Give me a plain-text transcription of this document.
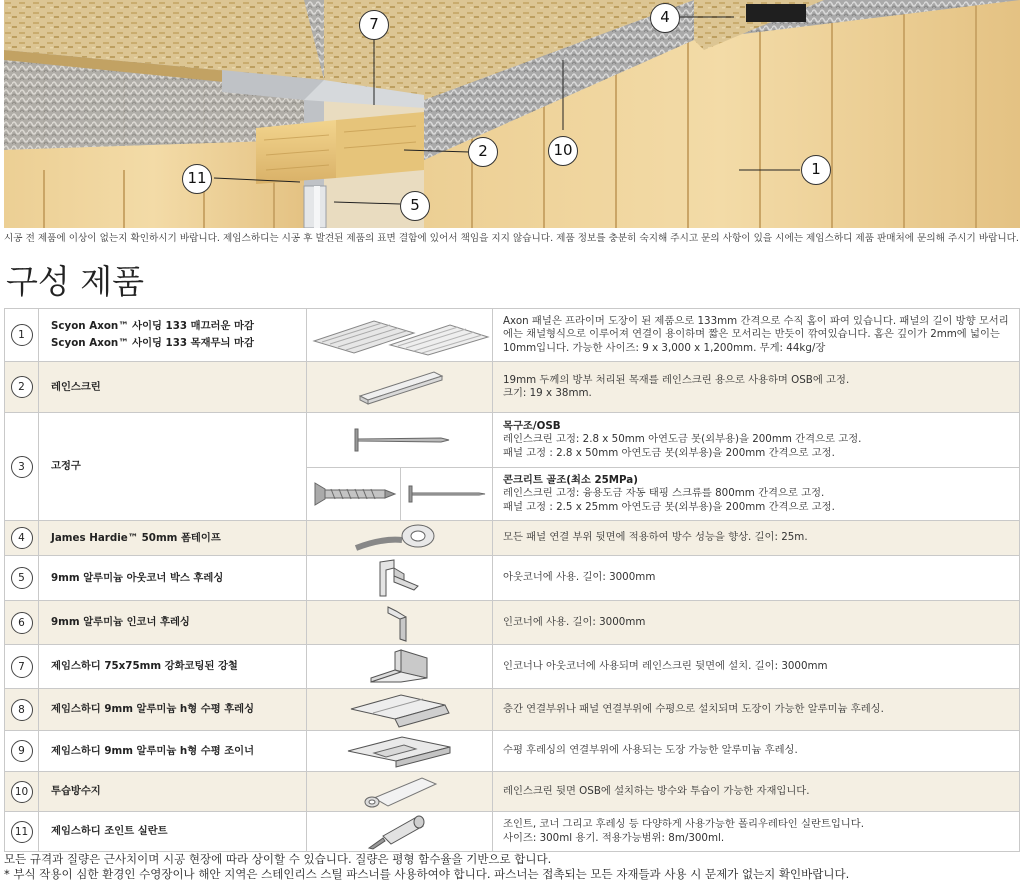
7	4
2	10
1
11
5
시공 전 제품에 이상이 없는지 확인하시기 바랍니다. 제임스하디는 시공 후 발견된 제품의 표면 결함에 있어서 책임을 지지 않습니다. 제품 정보를 충분히 숙지해 주시고 문의 사항이 있을 시에는 제임스하디 제품 판매처에 문의해 주시기 바랍니다.
구성 제품
1	Scyon Axon™ 사이딩 133 매끄러운 마감
Scyon Axon™ 사이딩 133 목재무늬 마감		Axon 패널은 프라이머 도장이 된 제품으로 133mm 간격으로 수직 홈이 파여 있습니다. 패널의 길이 방향 모서리에는 채널형식으로 이루어져 연결이 용이하며 짧은 모서리는 반듯이 깎여있습니다. 홈은 깊이가 2mm에 넓이는 10mm입니다. 가능한 사이즈: 9 x 3,000 x 1,200mm. 무게: 44kg/장

2	레인스크린		19mm 두께의 방부 처리된 목재를 레인스크린 용으로 사용하며 OSB에 고정.
크기: 19 x 38mm.

3	고정구		목구조/OSB
레인스크린 고정: 2.8 x 50mm 아연도금 못(외부용)을 200mm 간격으로 고정.
패널 고정 : 2.8 x 50mm 아연도금 못(외부용)을 200mm 간격으로 고정.

콘크리트 골조(최소 25MPa)
레인스크린 고정: 융용도금 자동 태핑 스크류를 800mm 간격으로 고정.
패널 고정 : 2.5 x 25mm 아연도금 못(외부용)을 200mm 간격으로 고정.

4	James Hardie™ 50mm 폼테이프		모든 패널 연결 부위 뒷면에 적용하여 방수 성능을 향상. 길이: 25m.

5	9mm 알루미늄 아웃코너 박스 후레싱		아웃코너에 사용. 길이: 3000mm

6	9mm 알루미늄 인코너 후레싱		인코너에 사용. 길이: 3000mm

7	제임스하디 75x75mm 강화코팅된 강철		인코너나 아웃코너에 사용되며 레인스크린 뒷면에 설치. 길이: 3000mm

8	제임스하디 9mm 알루미늄 h형 수평 후레싱		층간 연결부위나 패널 연결부위에 수평으로 설치되며 도장이 가능한 알루미늄 후레싱.

9	제임스하디 9mm 알루미늄 h형 수평 조이너		수평 후레싱의 연결부위에 사용되는 도장 가능한 알루미늄 후레싱.

10	투습방수지		레인스크린 뒷면 OSB에 설치하는 방수와 투습이 가능한 자재입니다.

11	제임스하디 조인트 실란트		조인트, 코너 그리고 후레싱 등 다양하게 사용가능한 폴리우레타인 실란트입니다.
사이즈: 300ml 용기. 적용가능범위: 8m/300ml.
모든 규격과 질량은 근사치이며 시공 현장에 따라 상이할 수 있습니다. 질량은 평형 함수율을 기반으로 합니다.
* 부식 작용이 심한 환경인 수영장이나 해안 지역은 스테인리스 스틸 파스너를 사용하여야 합니다. 파스너는 접촉되는 모든 자재들과 사용 시 문제가 없는지 확인바랍니다.
